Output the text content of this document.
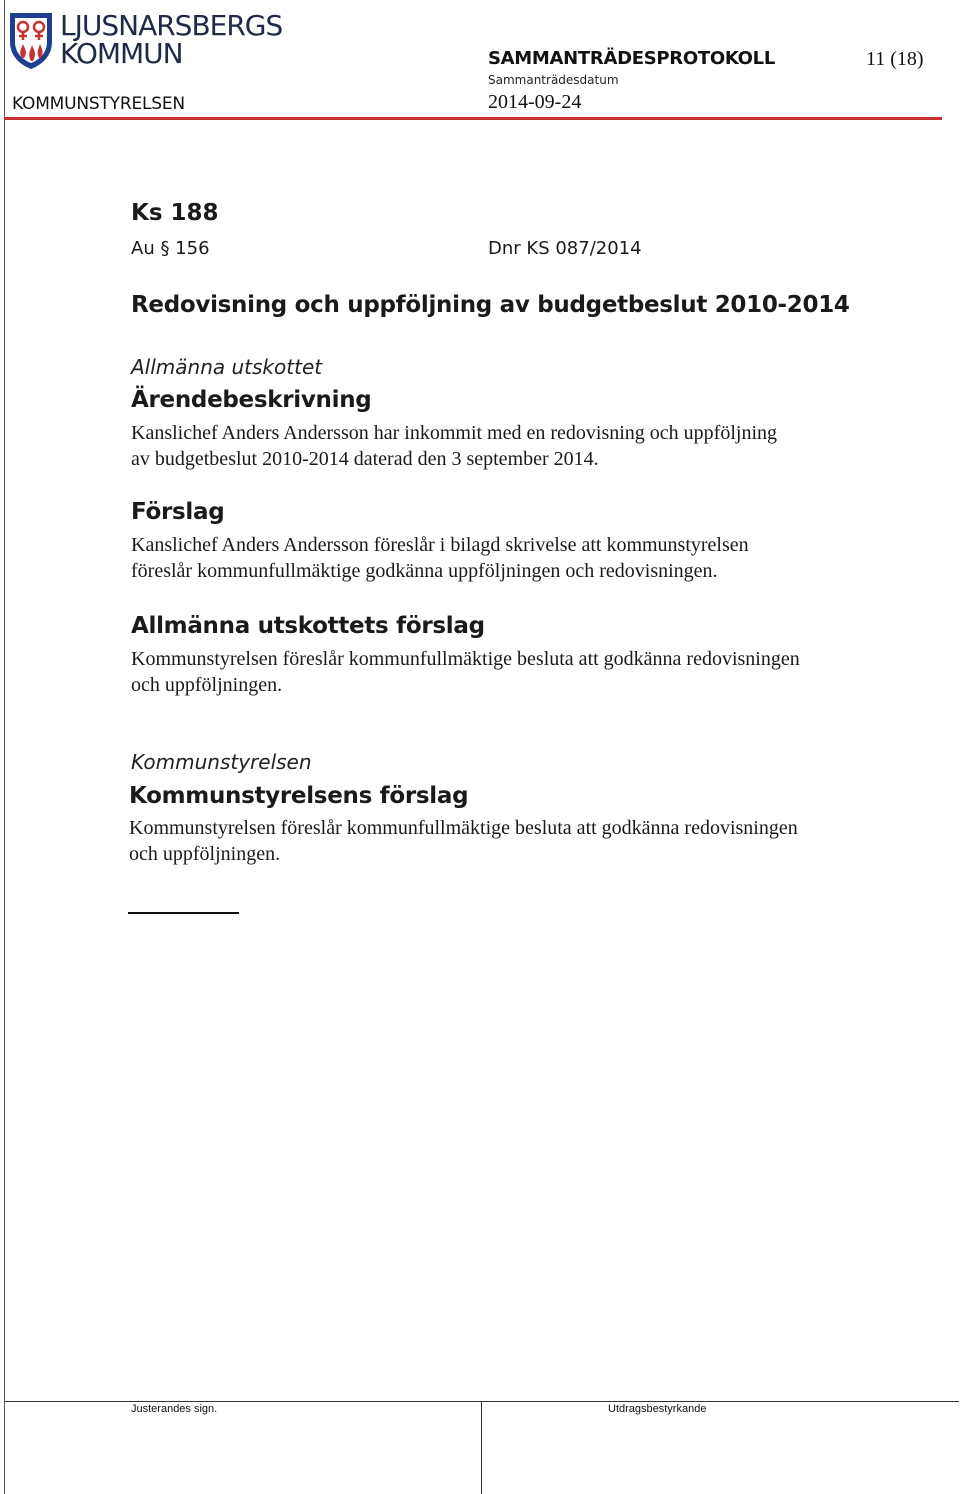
LJUSNARSBERGS
KOMMUN	SAMMANTRÄDESPROTOKOLL	11 (18)
Sammanträdesdatum
2014-09-24
KOMMUNSTYRELSEN
Ks 188
Au § 156	Dnr KS 087/2014
Redovisning och uppföljning av budgetbeslut 2010-2014
Allmänna utskottet
Ärendebeskrivning
Kanslichef Anders Andersson har inkommit med en redovisning och uppföljning
av budgetbeslut 2010-2014 daterad den 3 september 2014.
Förslag
Kanslichef Anders Andersson föreslår i bilagd skrivelse att kommunstyrelsen
föreslår kommunfullmäktige godkänna uppföljningen och redovisningen.
Allmänna utskottets förslag
Kommunstyrelsen föreslår kommunfullmäktige besluta att godkänna redovisningen
och uppföljningen.
Kommunstyrelsen
Kommunstyrelsens förslag
Kommunstyrelsen föreslår kommunfullmäktige besluta att godkänna redovisningen
och uppföljningen.
Justerandes sign.	Utdragsbestyrkande
